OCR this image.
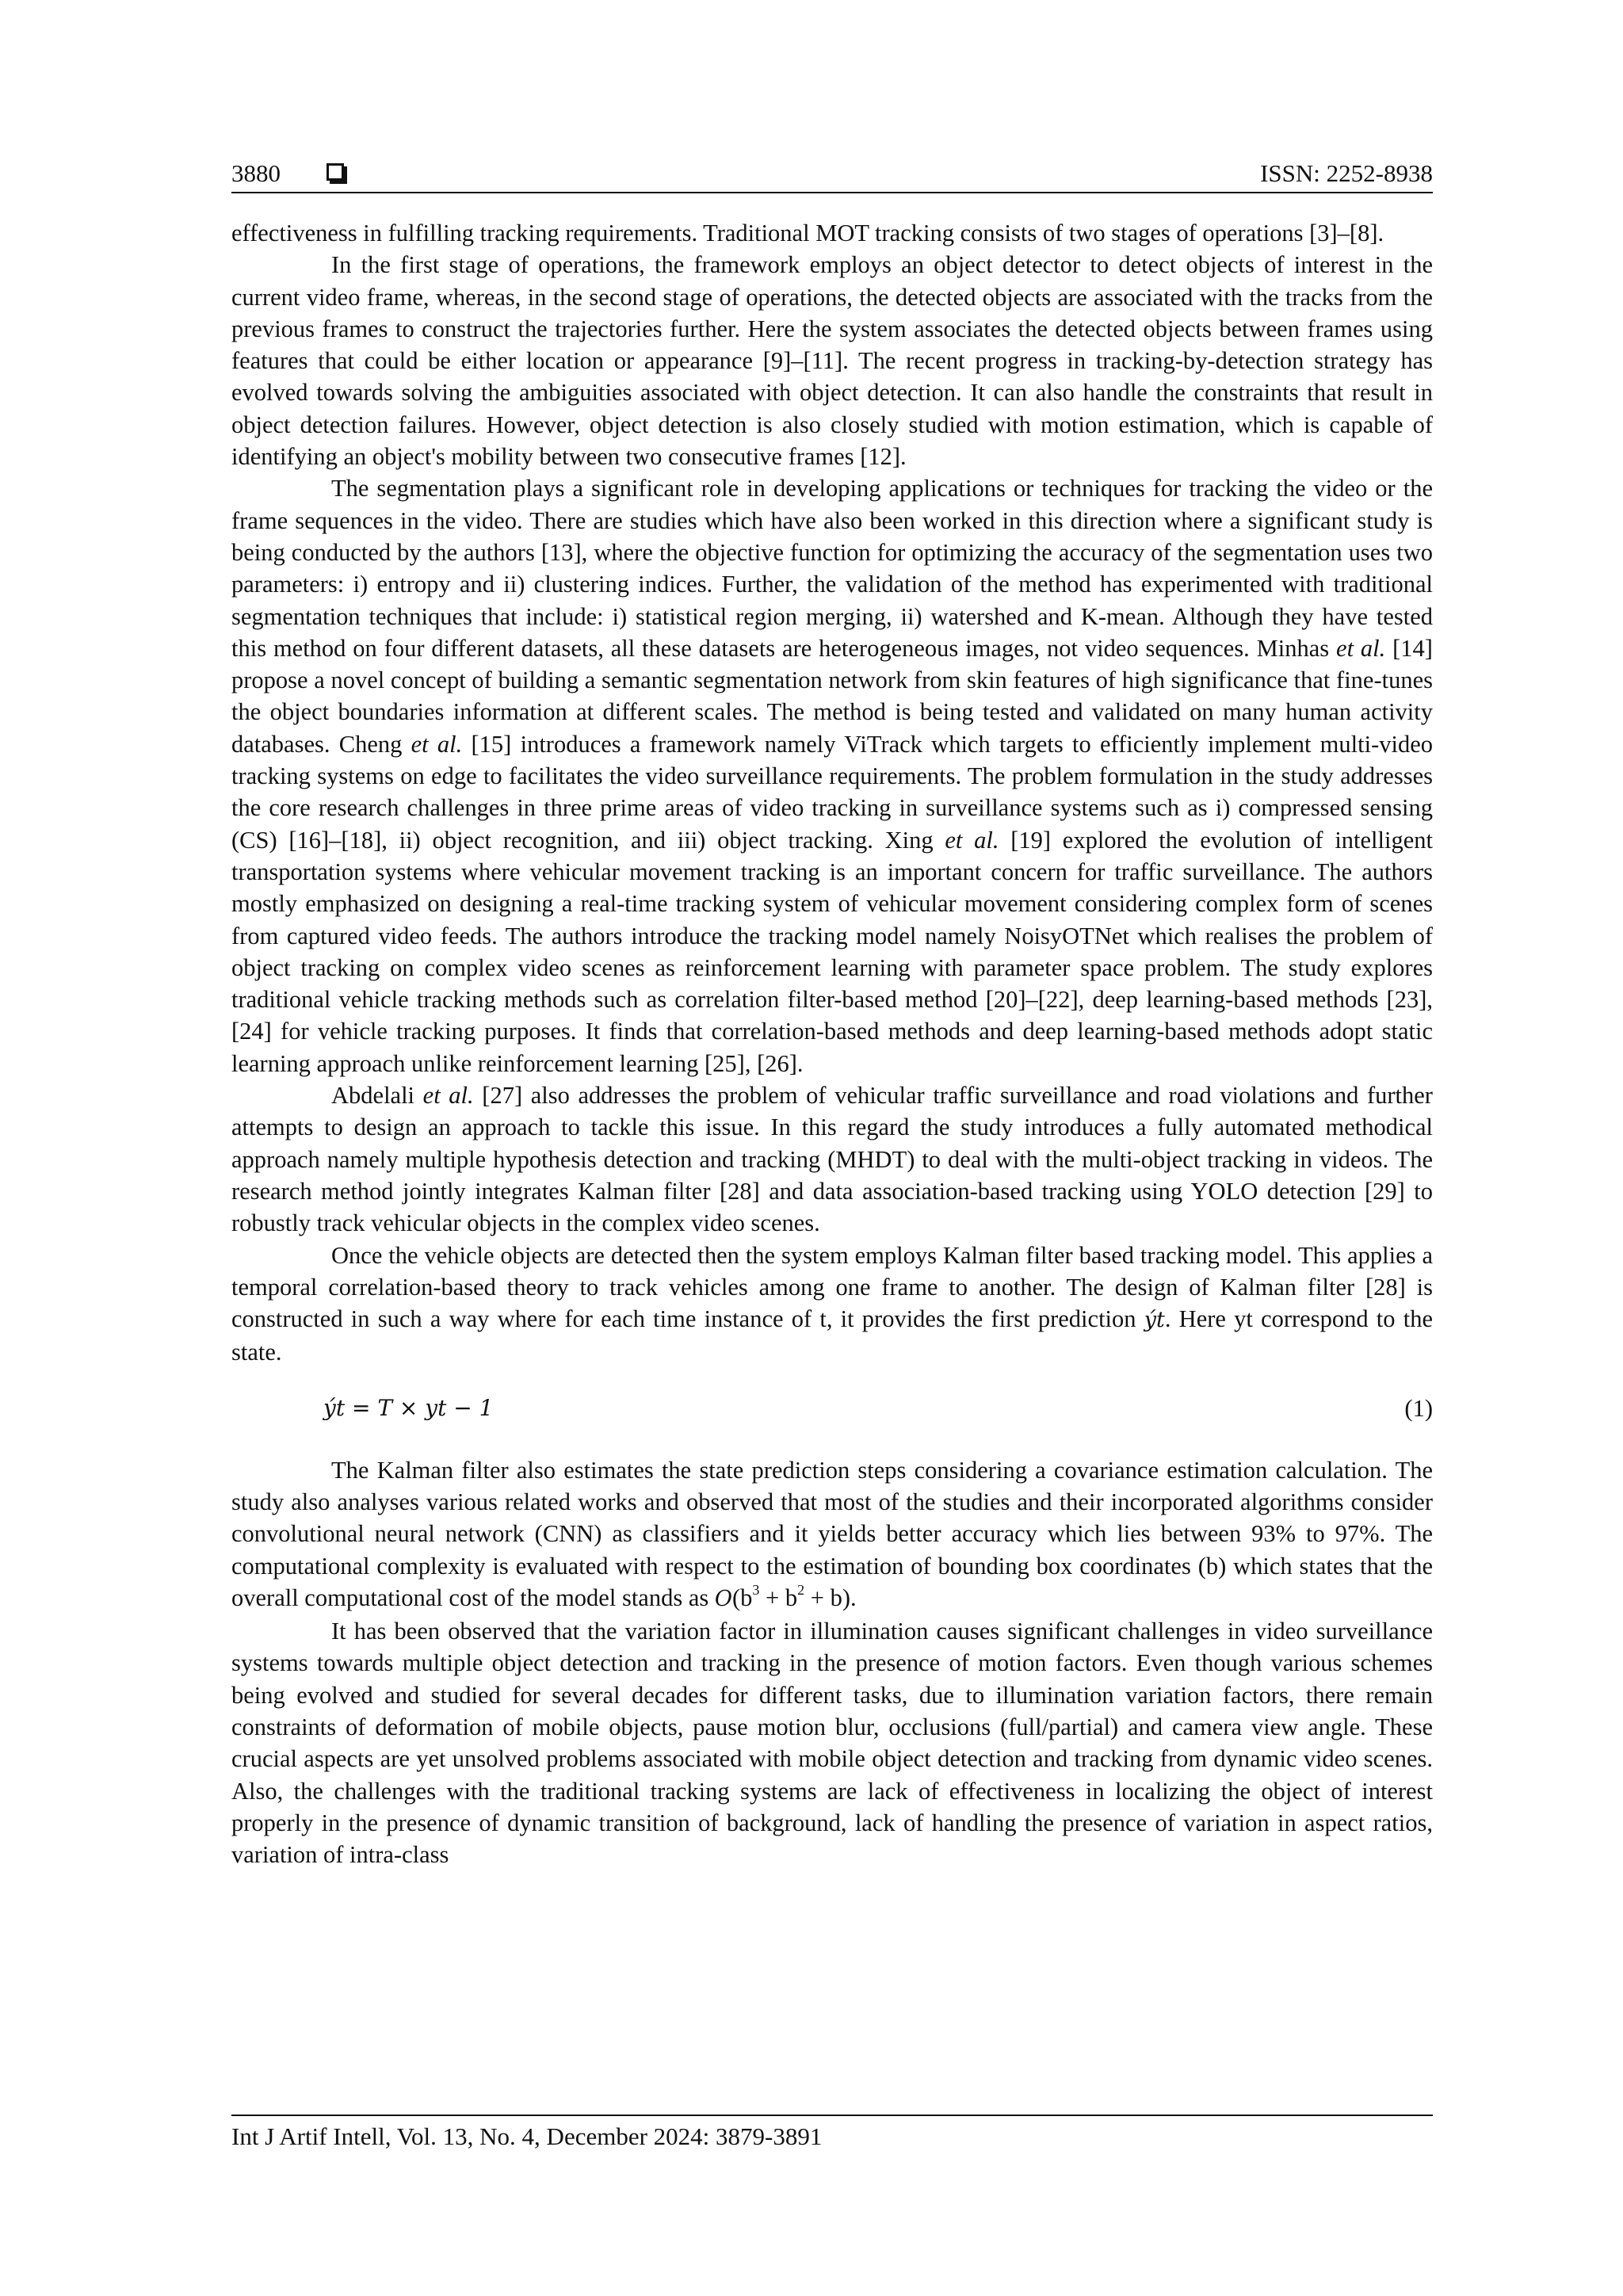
3880	ISSN: 2252-8938

effectiveness in fulfilling tracking requirements. Traditional MOT tracking consists of two stages of operations [3]–[8].

In the first stage of operations, the framework employs an object detector to detect objects of interest in the current video frame, whereas, in the second stage of operations, the detected objects are associated with the tracks from the previous frames to construct the trajectories further. Here the system associates the detected objects between frames using features that could be either location or appearance [9]–[11]. The recent progress in tracking-by-detection strategy has evolved towards solving the ambiguities associated with object detection. It can also handle the constraints that result in object detection failures. However, object detection is also closely studied with motion estimation, which is capable of identifying an object's mobility between two consecutive frames [12].

The segmentation plays a significant role in developing applications or techniques for tracking the video or the frame sequences in the video. There are studies which have also been worked in this direction where a significant study is being conducted by the authors [13], where the objective function for optimizing the accuracy of the segmentation uses two parameters: i) entropy and ii) clustering indices. Further, the validation of the method has experimented with traditional segmentation techniques that include: i) statistical region merging, ii) watershed and K-mean. Although they have tested this method on four different datasets, all these datasets are heterogeneous images, not video sequences. Minhas et al. [14] propose a novel concept of building a semantic segmentation network from skin features of high significance that fine-tunes the object boundaries information at different scales. The method is being tested and validated on many human activity databases. Cheng et al. [15] introduces a framework namely ViTrack which targets to efficiently implement multi-video tracking systems on edge to facilitates the video surveillance requirements. The problem formulation in the study addresses the core research challenges in three prime areas of video tracking in surveillance systems such as i) compressed sensing (CS) [16]–[18], ii) object recognition, and iii) object tracking. Xing et al. [19] explored the evolution of intelligent transportation systems where vehicular movement tracking is an important concern for traffic surveillance. The authors mostly emphasized on designing a real-time tracking system of vehicular movement considering complex form of scenes from captured video feeds. The authors introduce the tracking model namely NoisyOTNet which realises the problem of object tracking on complex video scenes as reinforcement learning with parameter space problem. The study explores traditional vehicle tracking methods such as correlation filter-based method [20]–[22], deep learning-based methods [23], [24] for vehicle tracking purposes. It finds that correlation-based methods and deep learning-based methods adopt static learning approach unlike reinforcement learning [25], [26].

Abdelali et al. [27] also addresses the problem of vehicular traffic surveillance and road violations and further attempts to design an approach to tackle this issue. In this regard the study introduces a fully automated methodical approach namely multiple hypothesis detection and tracking (MHDT) to deal with the multi-object tracking in videos. The research method jointly integrates Kalman filter [28] and data association-based tracking using YOLO detection [29] to robustly track vehicular objects in the complex video scenes.

Once the vehicle objects are detected then the system employs Kalman filter based tracking model. This applies a temporal correlation-based theory to track vehicles among one frame to another. The design of Kalman filter [28] is constructed in such a way where for each time instance of t, it provides the first prediction ýt. Here yt correspond to the state.

ýt = T × yt − 1	(1)

The Kalman filter also estimates the state prediction steps considering a covariance estimation calculation. The study also analyses various related works and observed that most of the studies and their incorporated algorithms consider convolutional neural network (CNN) as classifiers and it yields better accuracy which lies between 93% to 97%. The computational complexity is evaluated with respect to the estimation of bounding box coordinates (b) which states that the overall computational cost of the model stands as $O(b^3 + b^2 + b)$.

It has been observed that the variation factor in illumination causes significant challenges in video surveillance systems towards multiple object detection and tracking in the presence of motion factors. Even though various schemes being evolved and studied for several decades for different tasks, due to illumination variation factors, there remain constraints of deformation of mobile objects, pause motion blur, occlusions (full/partial) and camera view angle. These crucial aspects are yet unsolved problems associated with mobile object detection and tracking from dynamic video scenes. Also, the challenges with the traditional tracking systems are lack of effectiveness in localizing the object of interest properly in the presence of dynamic transition of background, lack of handling the presence of variation in aspect ratios, variation of intra-class

Int J Artif Intell, Vol. 13, No. 4, December 2024: 3879-3891
